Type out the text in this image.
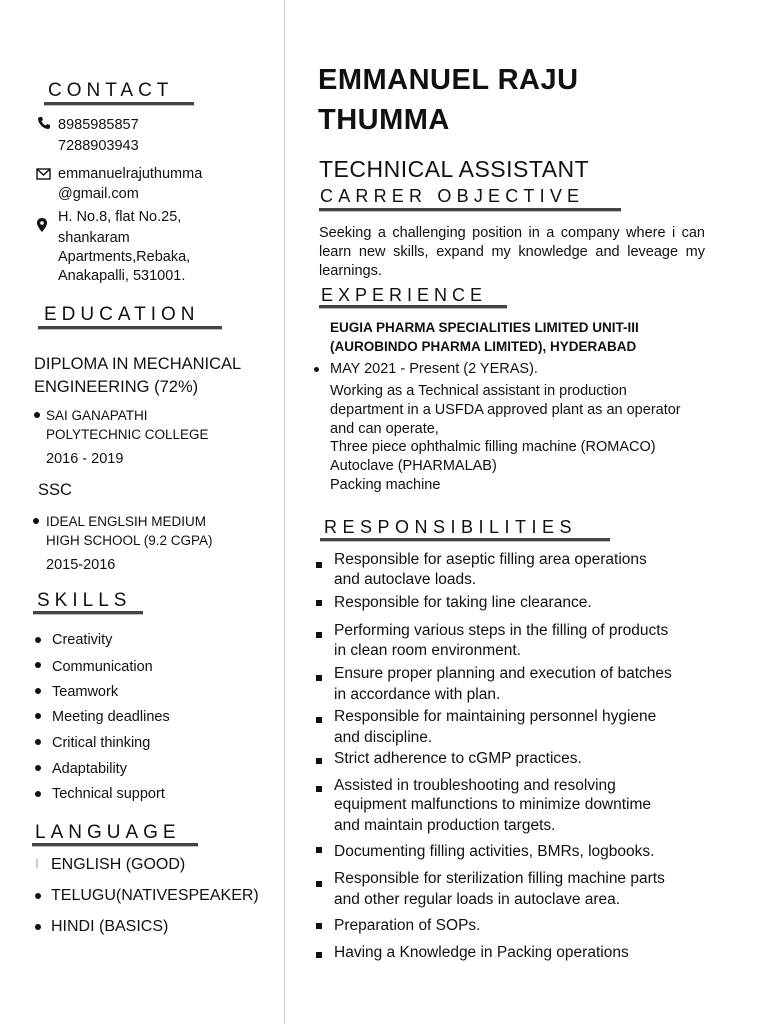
CONTACT
8985985857
7288903943
emmanuelrajuthumma
@gmail.com
H. No.8, flat No.25,
shankaram
Apartments,Rebaka,
Anakapalli, 531001.
EDUCATION
DIPLOMA IN MECHANICAL
ENGINEERING (72%)
SAI GANAPATHI
POLYTECHNIC COLLEGE
2016 - 2019
SSC
IDEAL ENGLSIH MEDIUM
HIGH SCHOOL (9.2 CGPA)
2015-2016
SKILLS
Creativity
Communication
Teamwork
Meeting deadlines
Critical thinking
Adaptability
Technical support
LANGUAGE
ENGLISH (GOOD)
TELUGU(NATIVESPEAKER)
HINDI (BASICS)
EMMANUEL RAJU
THUMMA
TECHNICAL ASSISTANT
CARRER OBJECTIVE
Seeking a challenging position in a company where i can learn new skills, expand my knowledge and leveage my learnings.
EXPERIENCE
EUGIA PHARMA SPECIALITIES LIMITED UNIT-III
(AUROBINDO PHARMA LIMITED), HYDERABAD
MAY 2021 - Present (2 YERAS).
Working as a Technical assistant in production
department in a USFDA approved plant as an operator
and can operate,
Three piece ophthalmic filling machine (ROMACO)
Autoclave (PHARMALAB)
Packing machine
RESPONSIBILITIES
Responsible for aseptic filling area operations
and autoclave loads.
Responsible for taking line clearance.
Performing various steps in the filling of products
in clean room environment.
Ensure proper planning and execution of batches
in accordance with plan.
Responsible for maintaining personnel hygiene
and discipline.
Strict adherence to cGMP practices.
Assisted in troubleshooting and resolving
equipment malfunctions to minimize downtime
and maintain production targets.
Documenting filling activities, BMRs, logbooks.
Responsible for sterilization filling machine parts
and other regular loads in autoclave area.
Preparation of SOPs.
Having a Knowledge in Packing operations
